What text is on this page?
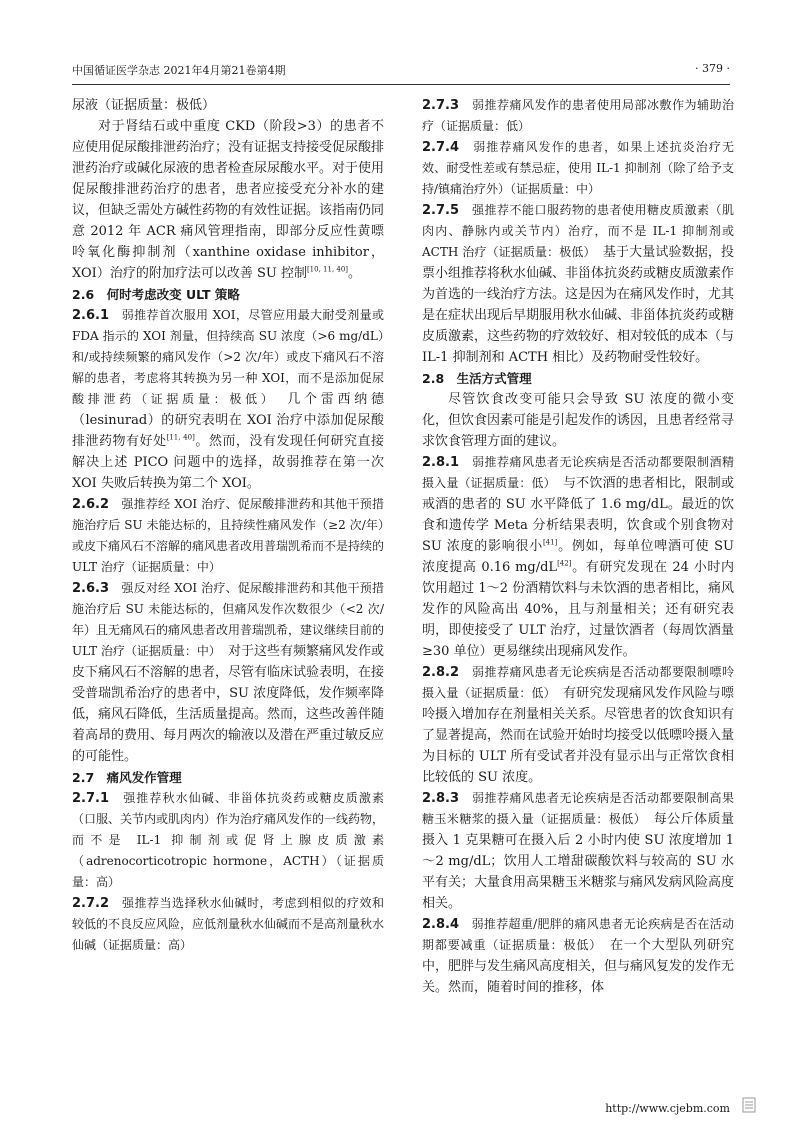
中国循证医学杂志 2021年4月第21卷第4期	· 379 ·

尿液（证据质量：极低）

对于肾结石或中重度 CKD（阶段>3）的患者不应使用促尿酸排泄药治疗；没有证据支持接受促尿酸排泄药治疗或碱化尿液的患者检查尿尿酸水平。对于使用促尿酸排泄药治疗的患者，患者应接受充分补水的建议，但缺乏需处方碱性药物的有效性证据。该指南仍同意 2012 年 ACR 痛风管理指南，即部分反应性黄嘌呤氧化酶抑制剂（xanthine oxidase inhibitor，XOI）治疗的附加疗法可以改善 SU 控制[10, 11, 40]。

2.6　何时考虑改变 ULT 策略

2.6.1　弱推荐首次服用 XOI，尽管应用最大耐受剂量或 FDA 指示的 XOI 剂量，但持续高 SU 浓度（>6 mg/dL）和/或持续频繁的痛风发作（>2 次/年）或皮下痛风石不溶解的患者，考虑将其转换为另一种 XOI，而不是添加促尿酸排泄药（证据质量：极低）　 几个雷西纳德（lesinurad）的研究表明在 XOI 治疗中添加促尿酸排泄药物有好处[11, 40]。然而，没有发现任何研究直接解决上述 PICO 问题中的选择，故弱推荐在第一次 XOI 失败后转换为第二个 XOI。

2.6.2　强推荐经 XOI 治疗、促尿酸排泄药和其他干预措施治疗后 SU 未能达标的，且持续性痛风发作（≥2 次/年）或皮下痛风石不溶解的痛风患者改用普瑞凯希而不是持续的 ULT 治疗（证据质量：中）

2.6.3　强反对经 XOI 治疗、促尿酸排泄药和其他干预措施治疗后 SU 未能达标的，但痛风发作次数很少（<2 次/年）且无痛风石的痛风患者改用普瑞凯希，建议继续目前的 ULT 治疗（证据质量：中）　 对于这些有频繁痛风发作或皮下痛风石不溶解的患者，尽管有临床试验表明，在接受普瑞凯希治疗的患者中，SU 浓度降低，发作频率降低，痛风石降低，生活质量提高。然而，这些改善伴随着高昂的费用、每月两次的输液以及潜在严重过敏反应的可能性。

2.7　痛风发作管理

2.7.1　强推荐秋水仙碱、非甾体抗炎药或糖皮质激素（口服、关节内或肌肉内）作为治疗痛风发作的一线药物，而不是 IL-1 抑制剂或促肾上腺皮质激素（adrenocorticotropic hormone，ACTH）（证据质量：高）

2.7.2　强推荐当选择秋水仙碱时，考虑到相似的疗效和较低的不良反应风险，应低剂量秋水仙碱而不是高剂量秋水仙碱（证据质量：高）

2.7.3　弱推荐痛风发作的患者使用局部冰敷作为辅助治疗（证据质量：低）

2.7.4　弱推荐痛风发作的患者，如果上述抗炎治疗无效、耐受性差或有禁忌症，使用 IL-1 抑制剂（除了给予支持/镇痛治疗外）（证据质量：中）

2.7.5　强推荐不能口服药物的患者使用糖皮质激素（肌肉内、静脉内或关节内）治疗，而不是 IL-1 抑制剂或 ACTH 治疗（证据质量：极低）　 基于大量试验数据，投票小组推荐将秋水仙碱、非甾体抗炎药或糖皮质激素作为首选的一线治疗方法。这是因为在痛风发作时，尤其是在症状出现后早期服用秋水仙碱、非甾体抗炎药或糖皮质激素，这些药物的疗效较好、相对较低的成本（与 IL-1 抑制剂和 ACTH 相比）及药物耐受性较好。

2.8　生活方式管理

尽管饮食改变可能只会导致 SU 浓度的微小变化，但饮食因素可能是引起发作的诱因，且患者经常寻求饮食管理方面的建议。

2.8.1　弱推荐痛风患者无论疾病是否活动都要限制酒精摄入量（证据质量：低）　 与不饮酒的患者相比，限制或戒酒的患者的 SU 水平降低了 1.6 mg/dL。最近的饮食和遗传学 Meta 分析结果表明，饮食或个别食物对 SU 浓度的影响很小[41]。例如，每单位啤酒可使 SU 浓度提高 0.16 mg/dL[42]。有研究发现在 24 小时内饮用超过 1～2 份酒精饮料与未饮酒的患者相比，痛风发作的风险高出 40%，且与剂量相关；还有研究表明，即使接受了 ULT 治疗，过量饮酒者（每周饮酒量≥30 单位）更易继续出现痛风发作。

2.8.2　弱推荐痛风患者无论疾病是否活动都要限制嘌呤摄入量（证据质量：低）　 有研究发现痛风发作风险与嘌呤摄入增加存在剂量相关关系。尽管患者的饮食知识有了显著提高，然而在试验开始时均接受以低嘌呤摄入量为目标的 ULT 所有受试者并没有显示出与正常饮食相比较低的 SU 浓度。

2.8.3　弱推荐痛风患者无论疾病是否活动都要限制高果糖玉米糖浆的摄入量（证据质量：极低）　 每公斤体质量摄入 1 克果糖可在摄入后 2 小时内使 SU 浓度增加 1～2 mg/dL；饮用人工增甜碳酸饮料与较高的 SU 水平有关；大量食用高果糖玉米糖浆与痛风发病风险高度相关。

2.8.4　弱推荐超重/肥胖的痛风患者无论疾病是否在活动期都要减重（证据质量：极低）　 在一个大型队列研究中，肥胖与发生痛风高度相关，但与痛风复发的发作无关。然而，随着时间的推移，体

http://www.cjebm.com
